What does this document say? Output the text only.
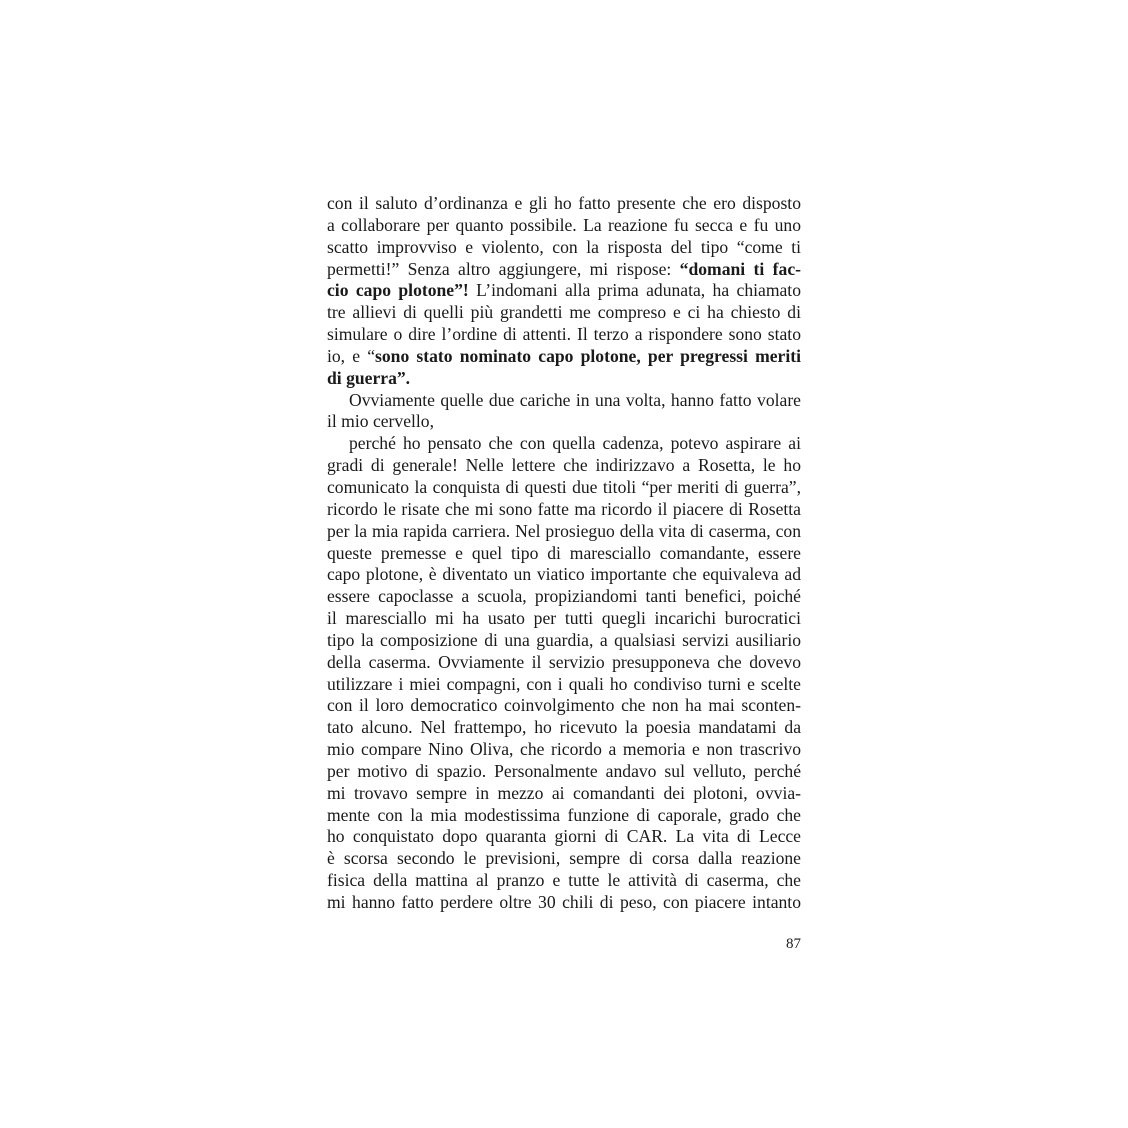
con il saluto d’ordinanza e gli ho fatto presente che ero disposto
a collaborare per quanto possibile. La reazione fu secca e fu uno
scatto improvviso e violento, con la risposta del tipo “come ti
permetti!” Senza altro aggiungere, mi rispose: “domani ti fac-
cio capo plotone”! L’indomani alla prima adunata, ha chiamato
tre allievi di quelli più grandetti me compreso e ci ha chiesto di
simulare o dire l’ordine di attenti. Il terzo a rispondere sono stato
io, e “sono stato nominato capo plotone, per pregressi meriti
di guerra”.
Ovviamente quelle due cariche in una volta, hanno fatto volare
il mio cervello,
perché ho pensato che con quella cadenza, potevo aspirare ai
gradi di generale! Nelle lettere che indirizzavo a Rosetta, le ho
comunicato la conquista di questi due titoli “per meriti di guerra”,
ricordo le risate che mi sono fatte ma ricordo il piacere di Rosetta
per la mia rapida carriera. Nel prosieguo della vita di caserma, con
queste premesse e quel tipo di maresciallo comandante, essere
capo plotone, è diventato un viatico importante che equivaleva ad
essere capoclasse a scuola, propiziandomi tanti benefici, poiché
il maresciallo mi ha usato per tutti quegli incarichi burocratici
tipo la composizione di una guardia, a qualsiasi servizi ausiliario
della caserma. Ovviamente il servizio presupponeva che dovevo
utilizzare i miei compagni, con i quali ho condiviso turni e scelte
con il loro democratico coinvolgimento che non ha mai sconten-
tato alcuno. Nel frattempo, ho ricevuto la poesia mandatami da
mio compare Nino Oliva, che ricordo a memoria e non trascrivo
per motivo di spazio. Personalmente andavo sul velluto, perché
mi trovavo sempre in mezzo ai comandanti dei plotoni, ovvia-
mente con la mia modestissima funzione di caporale, grado che
ho conquistato dopo quaranta giorni di CAR. La vita di Lecce
è scorsa secondo le previsioni, sempre di corsa dalla reazione
fisica della mattina al pranzo e tutte le attività di caserma, che
mi hanno fatto perdere oltre 30 chili di peso, con piacere intanto
87
